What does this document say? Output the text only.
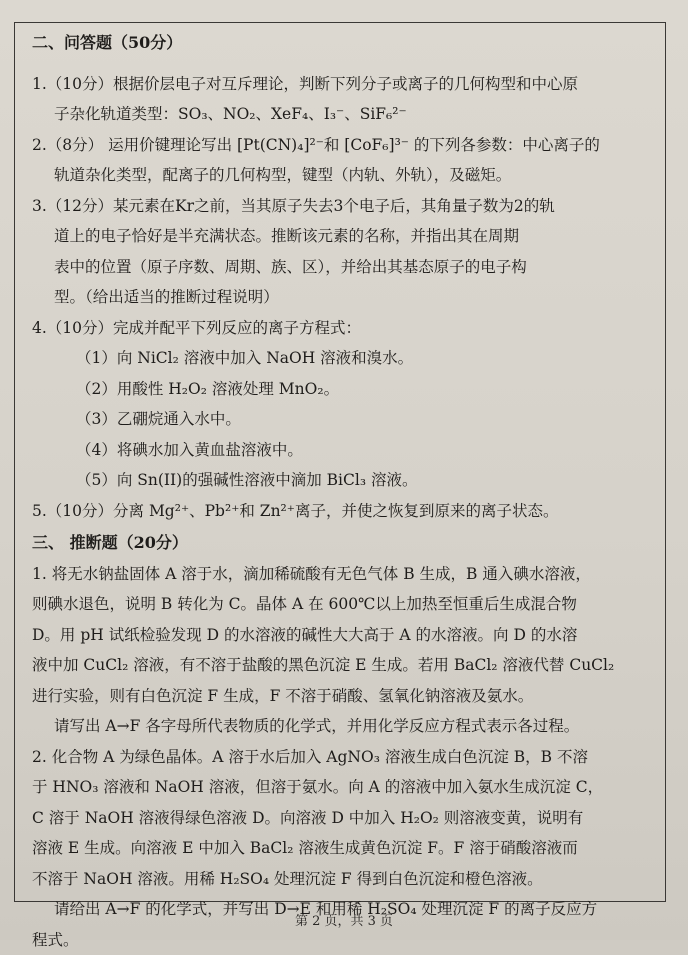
二、问答题（50分）

1.（10分）根据价层电子对互斥理论，判断下列分子或离子的几何构型和中心原

子杂化轨道类型：SO₃、NO₂、XeF₄、I₃⁻、SiF₆²⁻

2.（8分） 运用价键理论写出 [Pt(CN)₄]²⁻和 [CoF₆]³⁻ 的下列各参数：中心离子的

轨道杂化类型，配离子的几何构型，键型（内轨、外轨），及磁矩。

3.（12分）某元素在Kr之前，当其原子失去3个电子后，其角量子数为2的轨

道上的电子恰好是半充满状态。推断该元素的名称，并指出其在周期

表中的位置（原子序数、周期、族、区），并给出其基态原子的电子构

型。（给出适当的推断过程说明）

4.（10分）完成并配平下列反应的离子方程式：

（1）向 NiCl₂ 溶液中加入 NaOH 溶液和溴水。

（2）用酸性 H₂O₂ 溶液处理 MnO₂。

（3）乙硼烷通入水中。

（4）将碘水加入黄血盐溶液中。

（5）向 Sn(II)的强碱性溶液中滴加 BiCl₃ 溶液。

5.（10分）分离 Mg²⁺、Pb²⁺和 Zn²⁺离子，并使之恢复到原来的离子状态。

三、 推断题（20分）

1. 将无水钠盐固体 A 溶于水，滴加稀硫酸有无色气体 B 生成，B 通入碘水溶液，

则碘水退色，说明 B 转化为 C。晶体 A 在 600℃以上加热至恒重后生成混合物

D。用 pH 试纸检验发现 D 的水溶液的碱性大大高于 A 的水溶液。向 D 的水溶

液中加 CuCl₂ 溶液，有不溶于盐酸的黑色沉淀 E 生成。若用 BaCl₂ 溶液代替 CuCl₂

进行实验，则有白色沉淀 F 生成，F 不溶于硝酸、氢氧化钠溶液及氨水。

请写出 A→F 各字母所代表物质的化学式，并用化学反应方程式表示各过程。

2. 化合物 A 为绿色晶体。A 溶于水后加入 AgNO₃ 溶液生成白色沉淀 B，B 不溶

于 HNO₃ 溶液和 NaOH 溶液，但溶于氨水。向 A 的溶液中加入氨水生成沉淀 C，

C 溶于 NaOH 溶液得绿色溶液 D。向溶液 D 中加入 H₂O₂ 则溶液变黄，说明有

溶液 E 生成。向溶液 E 中加入 BaCl₂ 溶液生成黄色沉淀 F。F 溶于硝酸溶液而

不溶于 NaOH 溶液。用稀 H₂SO₄ 处理沉淀 F 得到白色沉淀和橙色溶液。

请给出 A→F 的化学式，并写出 D→E 和用稀 H₂SO₄ 处理沉淀 F 的离子反应方

程式。

第 2 页，共 3 页
